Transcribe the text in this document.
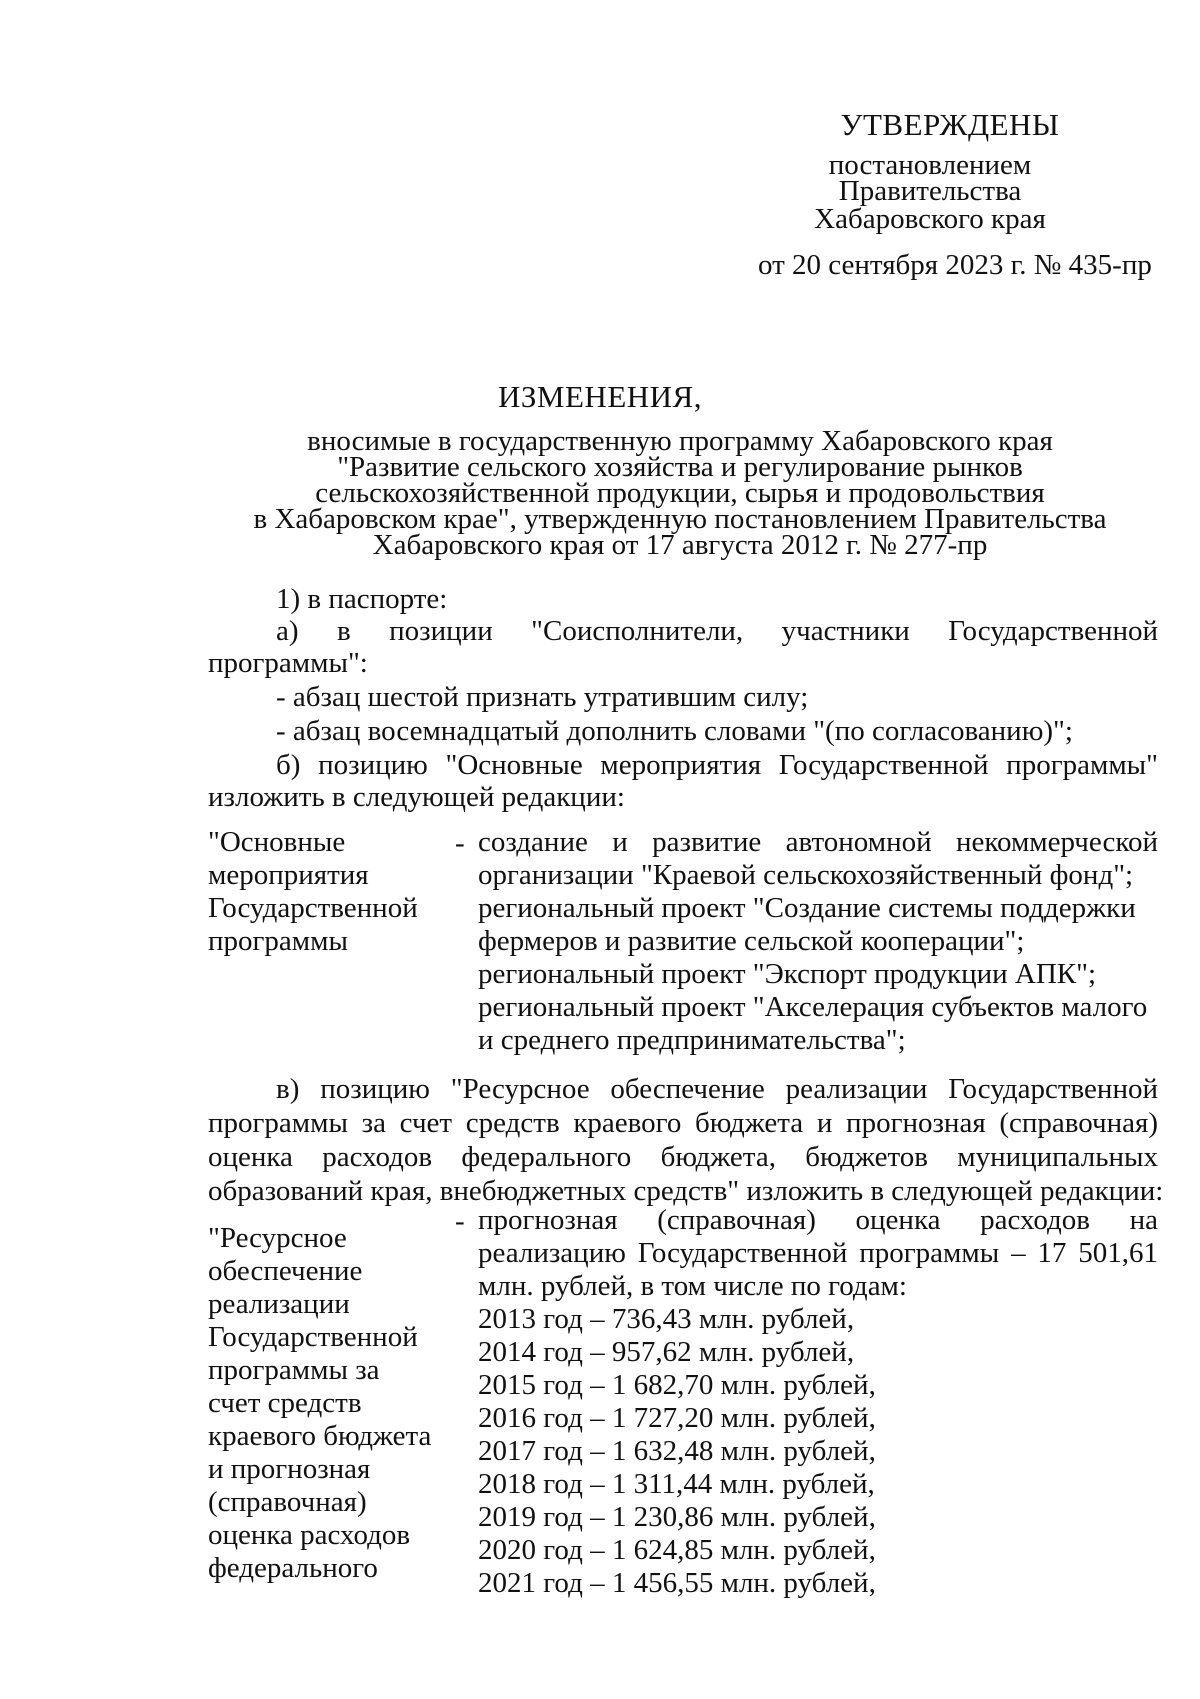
УТВЕРЖДЕНЫ
постановлением
Правительства
Хабаровского края
от 20 сентября 2023 г. № 435-пр
ИЗМЕНЕНИЯ,
вносимые в государственную программу Хабаровского края
"Развитие сельского хозяйства и регулирование рынков
сельскохозяйственной продукции, сырья и продовольствия
в Хабаровском крае", утвержденную постановлением Правительства
Хабаровского края от 17 августа 2012 г. № 277-пр
1) в паспорте:
а) в позиции "Соисполнители, участники Государственной
программы":
- абзац шестой признать утратившим силу;
- абзац восемнадцатый дополнить словами "(по согласованию)";
б) позицию "Основные мероприятия Государственной программы"
изложить в следующей редакции:
"Основные
мероприятия
Государственной
программы
- создание и развитие автономной некоммерческой
организации "Краевой сельскохозяйственный фонд";
региональный проект "Создание системы поддержки
фермеров и развитие сельской кооперации";
региональный проект "Экспорт продукции АПК";
региональный проект "Акселерация субъектов малого
и среднего предпринимательства";
в) позицию "Ресурсное обеспечение реализации Государственной
программы за счет средств краевого бюджета и прогнозная (справочная)
оценка расходов федерального бюджета, бюджетов муниципальных
образований края, внебюджетных средств" изложить в следующей редакции:
"Ресурсное
обеспечение
реализации
Государственной
программы за
счет средств
краевого бюджета
и прогнозная
(справочная)
оценка расходов
федерального
- прогнозная (справочная) оценка расходов на
реализацию Государственной программы – 17 501,61
млн. рублей, в том числе по годам:
2013 год – 736,43 млн. рублей,
2014 год – 957,62 млн. рублей,
2015 год – 1 682,70 млн. рублей,
2016 год – 1 727,20 млн. рублей,
2017 год – 1 632,48 млн. рублей,
2018 год – 1 311,44 млн. рублей,
2019 год – 1 230,86 млн. рублей,
2020 год – 1 624,85 млн. рублей,
2021 год – 1 456,55 млн. рублей,
